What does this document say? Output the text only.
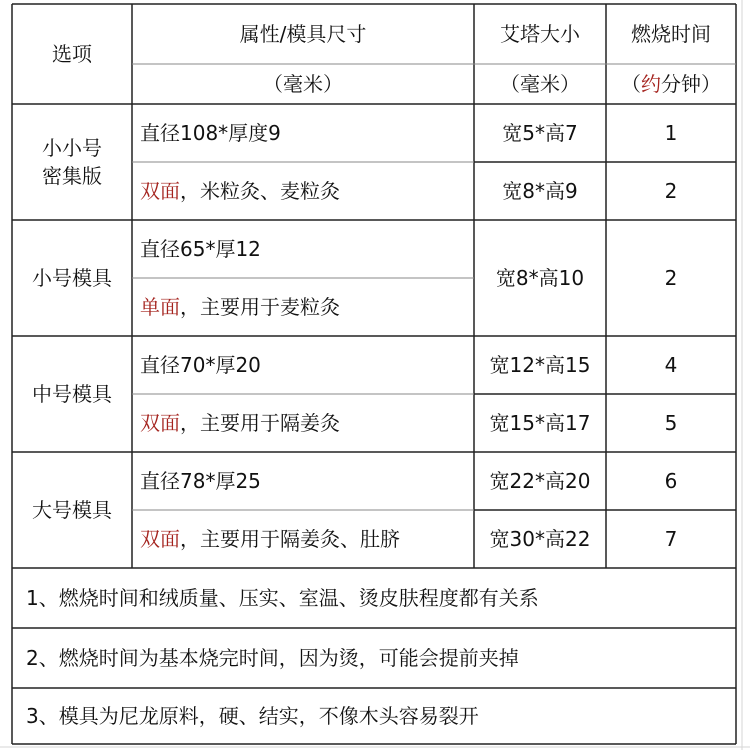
选项
属性/模具尺寸
（毫米）
艾塔大小
（毫米）
燃烧时间
（ 约 分钟）
小小号
密集版
直径108*厚度9
双面 ，米粒灸、麦粒灸
宽5*高7
宽8*高9
1
2
小号模具
直径65*厚12
单面 ，主要用于麦粒灸
宽8*高10	2
中号模具
直径70*厚20
双面 ，主要用于隔姜灸
宽12*高15
宽15*高17
4
5
大号模具
直径78*厚25
双面 ，主要用于隔姜灸、肚脐
宽22*高20
宽30*高22
6
7
1、燃烧时间和绒质量、压实、室温、烫皮肤程度都有关系
2、燃烧时间为基本烧完时间，因为烫，可能会提前夹掉
3、模具为尼龙原料，硬、结实，不像木头容易裂开
